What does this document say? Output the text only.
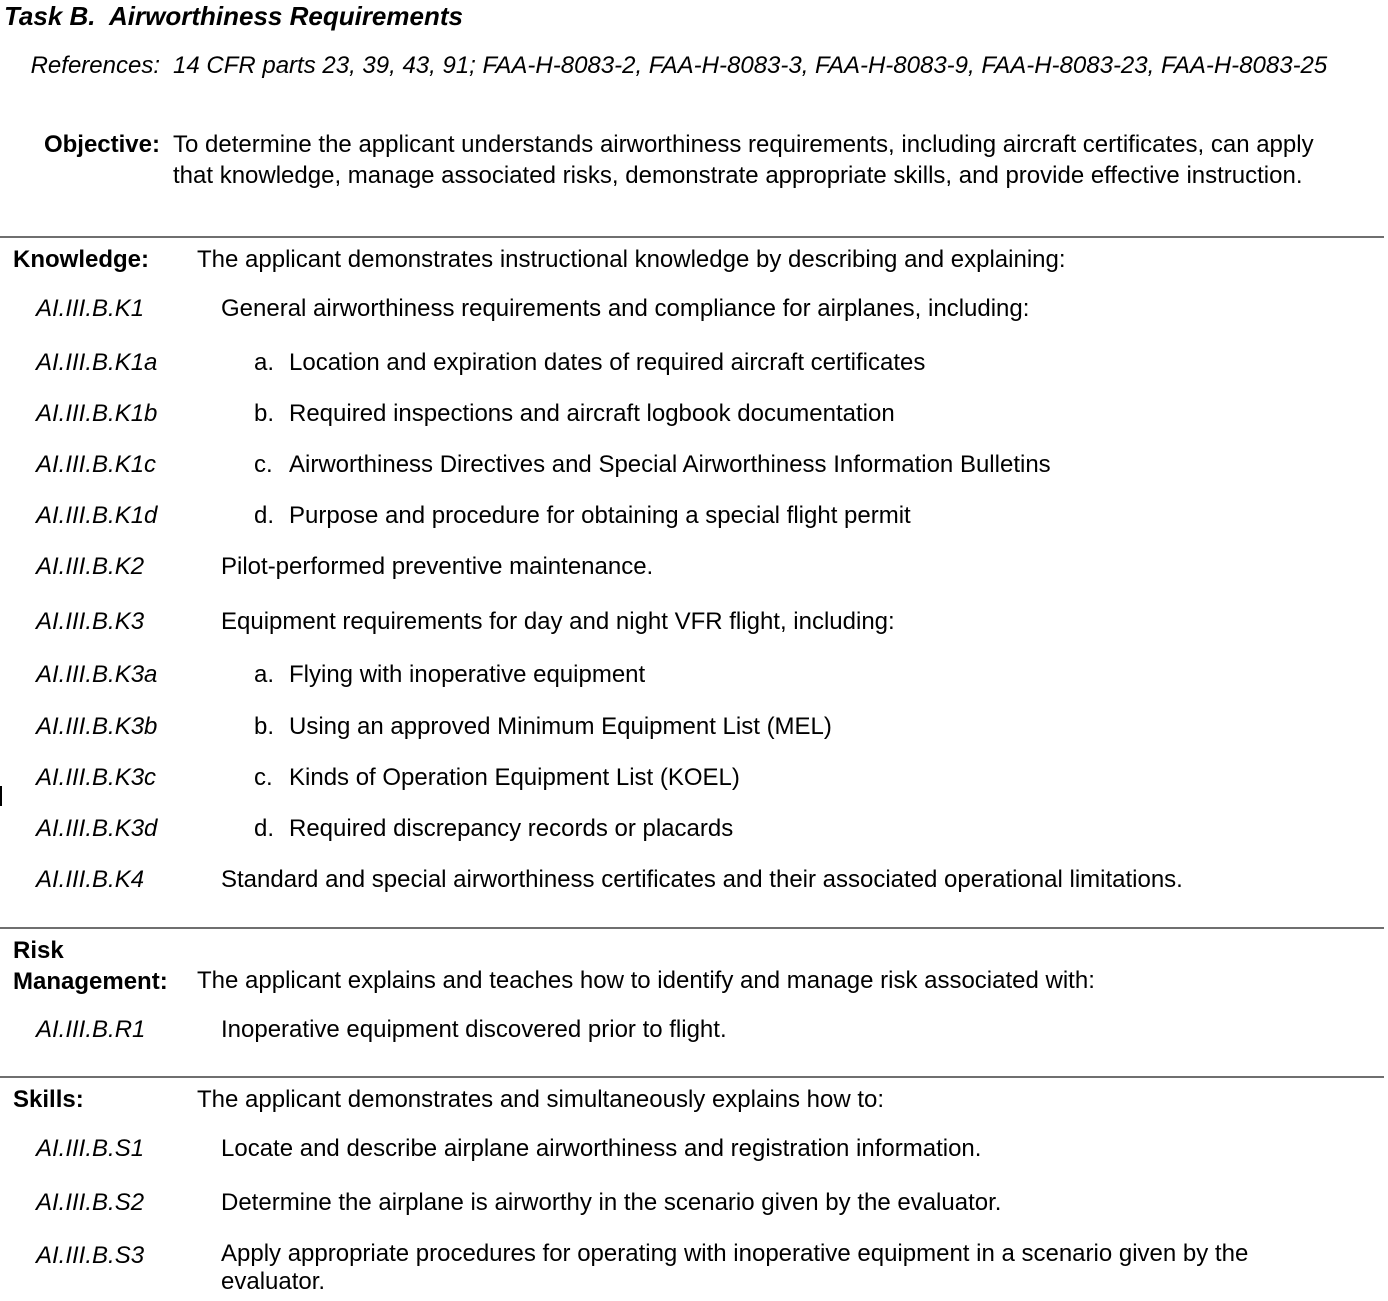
Task B.  Airworthiness Requirements
References: 14 CFR parts 23, 39, 43, 91; FAA-H-8083-2, FAA-H-8083-3, FAA-H-8083-9, FAA-H-8083-23, FAA-H-8083-25
Objective: To determine the applicant understands airworthiness requirements, including aircraft certificates, can apply that knowledge, manage associated risks, demonstrate appropriate skills, and provide effective instruction.
Knowledge: The applicant demonstrates instructional knowledge by describing and explaining:
AI.III.B.K1	General airworthiness requirements and compliance for airplanes, including:
AI.III.B.K1a	a. Location and expiration dates of required aircraft certificates
AI.III.B.K1b	b. Required inspections and aircraft logbook documentation
AI.III.B.K1c	c. Airworthiness Directives and Special Airworthiness Information Bulletins
AI.III.B.K1d	d. Purpose and procedure for obtaining a special flight permit
AI.III.B.K2	Pilot-performed preventive maintenance.
AI.III.B.K3	Equipment requirements for day and night VFR flight, including:
AI.III.B.K3a	a. Flying with inoperative equipment
AI.III.B.K3b	b. Using an approved Minimum Equipment List (MEL)
AI.III.B.K3c	c. Kinds of Operation Equipment List (KOEL)
AI.III.B.K3d	d. Required discrepancy records or placards
AI.III.B.K4	Standard and special airworthiness certificates and their associated operational limitations.
Risk
Management: The applicant explains and teaches how to identify and manage risk associated with:
AI.III.B.R1	Inoperative equipment discovered prior to flight.
Skills:	The applicant demonstrates and simultaneously explains how to:
AI.III.B.S1	Locate and describe airplane airworthiness and registration information.
AI.III.B.S2	Determine the airplane is airworthy in the scenario given by the evaluator.
AI.III.B.S3	Apply appropriate procedures for operating with inoperative equipment in a scenario given by the evaluator.
